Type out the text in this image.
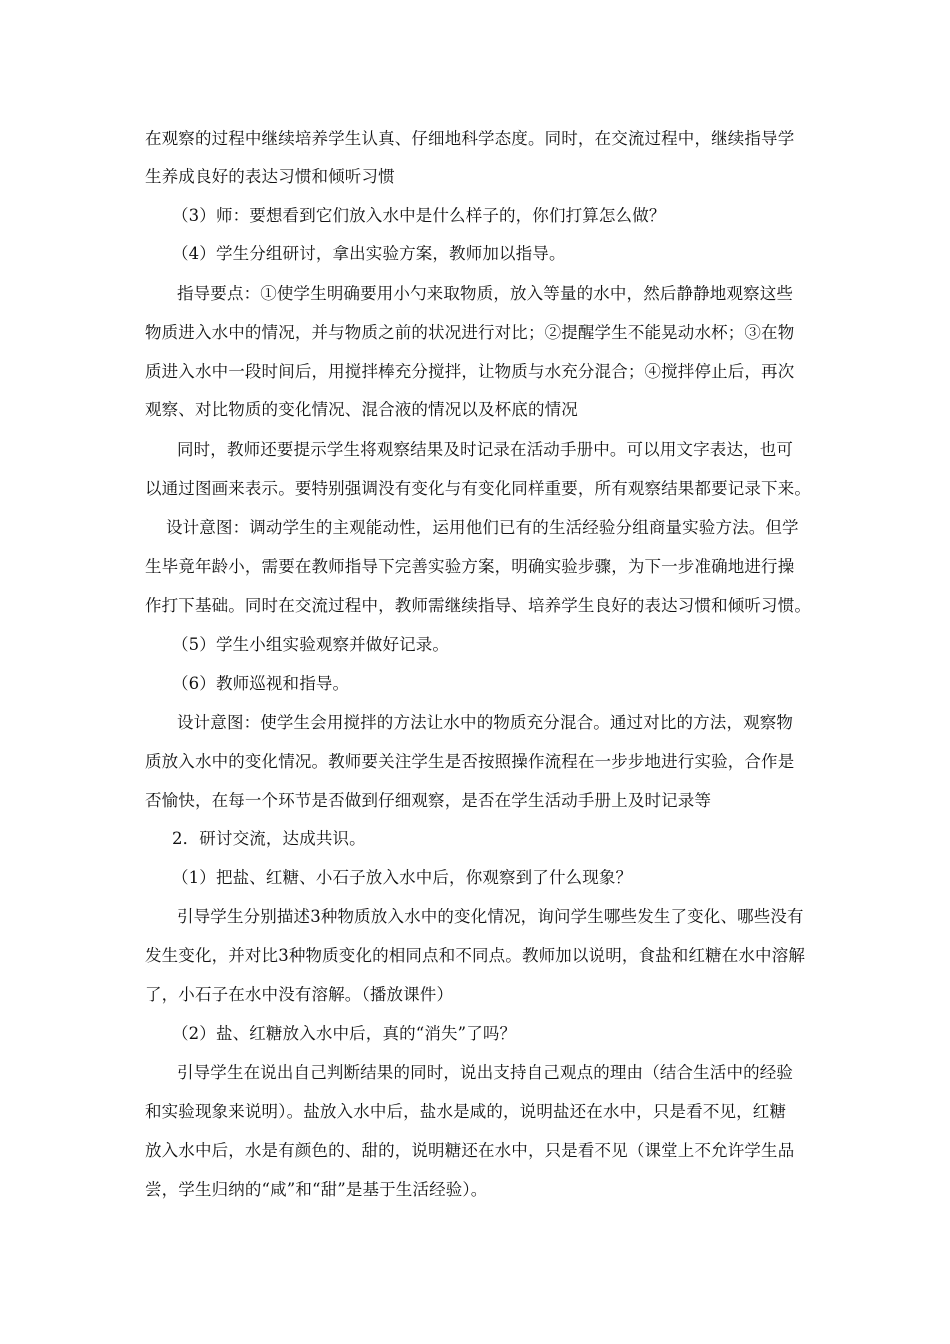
在观察的过程中继续培养学生认真、仔细地科学态度。同时，在交流过程中，继续指导学
生养成良好的表达习惯和倾听习惯
（3）师：要想看到它们放入水中是什么样子的，你们打算怎么做？
（4）学生分组研讨，拿出实验方案，教师加以指导。
指导要点：①使学生明确要用小勺来取物质，放入等量的水中，然后静静地观察这些
物质进入水中的情况，并与物质之前的状况进行对比；②提醒学生不能晃动水杯；③在物
质进入水中一段时间后，用搅拌棒充分搅拌，让物质与水充分混合；④搅拌停止后，再次
观察、对比物质的变化情况、混合液的情况以及杯底的情况
同时，教师还要提示学生将观察结果及时记录在活动手册中。可以用文字表达，也可
以通过图画来表示。要特别强调没有变化与有变化同样重要，所有观察结果都要记录下来。
设计意图：调动学生的主观能动性，运用他们已有的生活经验分组商量实验方法。但学
生毕竟年龄小，需要在教师指导下完善实验方案，明确实验步骤，为下一步准确地进行操
作打下基础。同时在交流过程中，教师需继续指导、培养学生良好的表达习惯和倾听习惯。
（5）学生小组实验观察并做好记录。
（6）教师巡视和指导。
设计意图：使学生会用搅拌的方法让水中的物质充分混合。通过对比的方法，观察物
质放入水中的变化情况。教师要关注学生是否按照操作流程在一步步地进行实验，合作是
否愉快，在每一个环节是否做到仔细观察，是否在学生活动手册上及时记录等
2．研讨交流，达成共识。
（1）把盐、红糖、小石子放入水中后，你观察到了什么现象？
引导学生分别描述3种物质放入水中的变化情况，询问学生哪些发生了变化、哪些没有
发生变化，并对比3种物质变化的相同点和不同点。教师加以说明，食盐和红糖在水中溶解
了，小石子在水中没有溶解。（播放课件）
（2）盐、红糖放入水中后，真的“消失”了吗？
引导学生在说出自己判断结果的同时，说出支持自己观点的理由（结合生活中的经验
和实验现象来说明）。盐放入水中后，盐水是咸的，说明盐还在水中，只是看不见，红糖
放入水中后，水是有颜色的、甜的，说明糖还在水中，只是看不见（课堂上不允许学生品
尝，学生归纳的“咸”和“甜”是基于生活经验）。
